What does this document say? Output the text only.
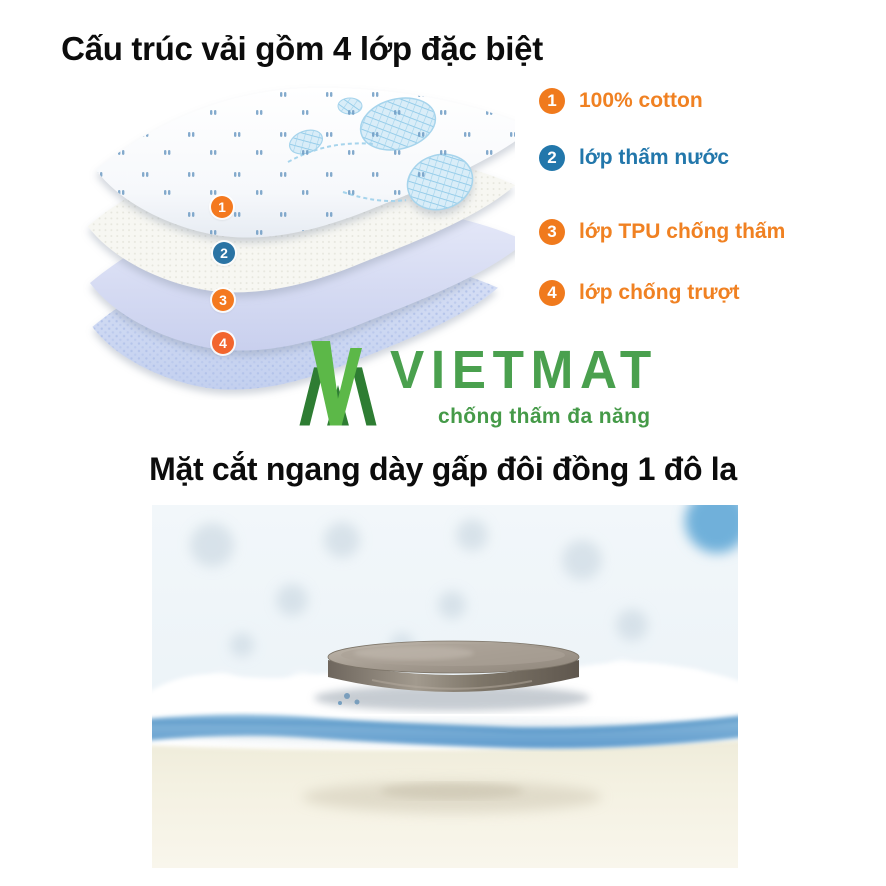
Cấu trúc vải gồm 4 lớp đặc biệt
1
2
3
4
1	100% cotton
2	lớp thấm nước
3	lớp TPU chống thấm
4	lớp chống trượt
VIETMAT
chống thấm đa năng
Mặt cắt ngang dày gấp đôi đồng 1 đô la
